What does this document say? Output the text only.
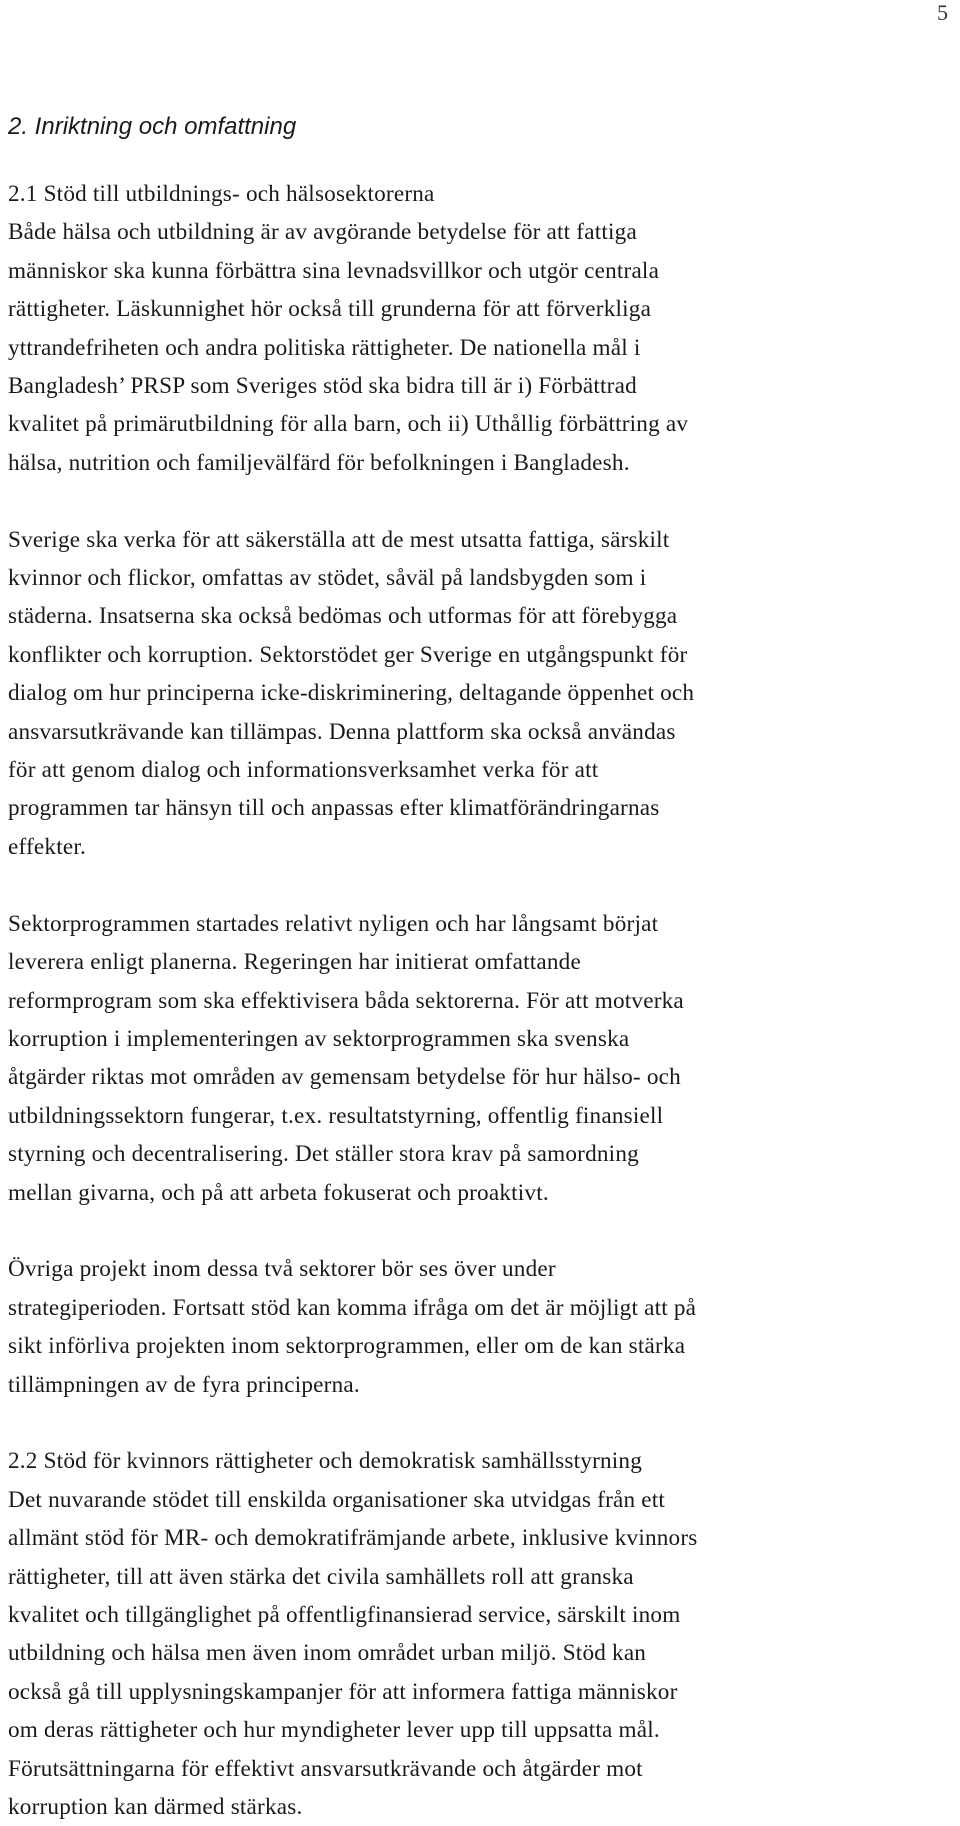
5
2. Inriktning och omfattning

2.1 Stöd till utbildnings- och hälsosektorerna
Både hälsa och utbildning är av avgörande betydelse för att fattiga
människor ska kunna förbättra sina levnadsvillkor och utgör centrala
rättigheter. Läskunnighet hör också till grunderna för att förverkliga
yttrandefriheten och andra politiska rättigheter. De nationella mål i
Bangladesh’ PRSP som Sveriges stöd ska bidra till är i) Förbättrad
kvalitet på primärutbildning för alla barn, och ii) Uthållig förbättring av
hälsa, nutrition och familjevälfärd för befolkningen i Bangladesh.

Sverige ska verka för att säkerställa att de mest utsatta fattiga, särskilt
kvinnor och flickor, omfattas av stödet, såväl på landsbygden som i
städerna. Insatserna ska också bedömas och utformas för att förebygga
konflikter och korruption. Sektorstödet ger Sverige en utgångspunkt för
dialog om hur principerna icke-diskriminering, deltagande öppenhet och
ansvarsutkrävande kan tillämpas. Denna plattform ska också användas
för att genom dialog och informationsverksamhet verka för att
programmen tar hänsyn till och anpassas efter klimatförändringarnas
effekter.

Sektorprogrammen startades relativt nyligen och har långsamt börjat
leverera enligt planerna. Regeringen har initierat omfattande
reformprogram som ska effektivisera båda sektorerna. För att motverka
korruption i implementeringen av sektorprogrammen ska svenska
åtgärder riktas mot områden av gemensam betydelse för hur hälso- och
utbildningssektorn fungerar, t.ex. resultatstyrning, offentlig finansiell
styrning och decentralisering. Det ställer stora krav på samordning
mellan givarna, och på att arbeta fokuserat och proaktivt.

Övriga projekt inom dessa två sektorer bör ses över under
strategiperioden. Fortsatt stöd kan komma ifråga om det är möjligt att på
sikt införliva projekten inom sektorprogrammen, eller om de kan stärka
tillämpningen av de fyra principerna.

2.2 Stöd för kvinnors rättigheter och demokratisk samhällsstyrning
Det nuvarande stödet till enskilda organisationer ska utvidgas från ett
allmänt stöd för MR- och demokratifrämjande arbete, inklusive kvinnors
rättigheter, till att även stärka det civila samhällets roll att granska
kvalitet och tillgänglighet på offentligfinansierad service, särskilt inom
utbildning och hälsa men även inom området urban miljö. Stöd kan
också gå till upplysningskampanjer för att informera fattiga människor
om deras rättigheter och hur myndigheter lever upp till uppsatta mål.
Förutsättningarna för effektivt ansvarsutkrävande och åtgärder mot
korruption kan därmed stärkas.
